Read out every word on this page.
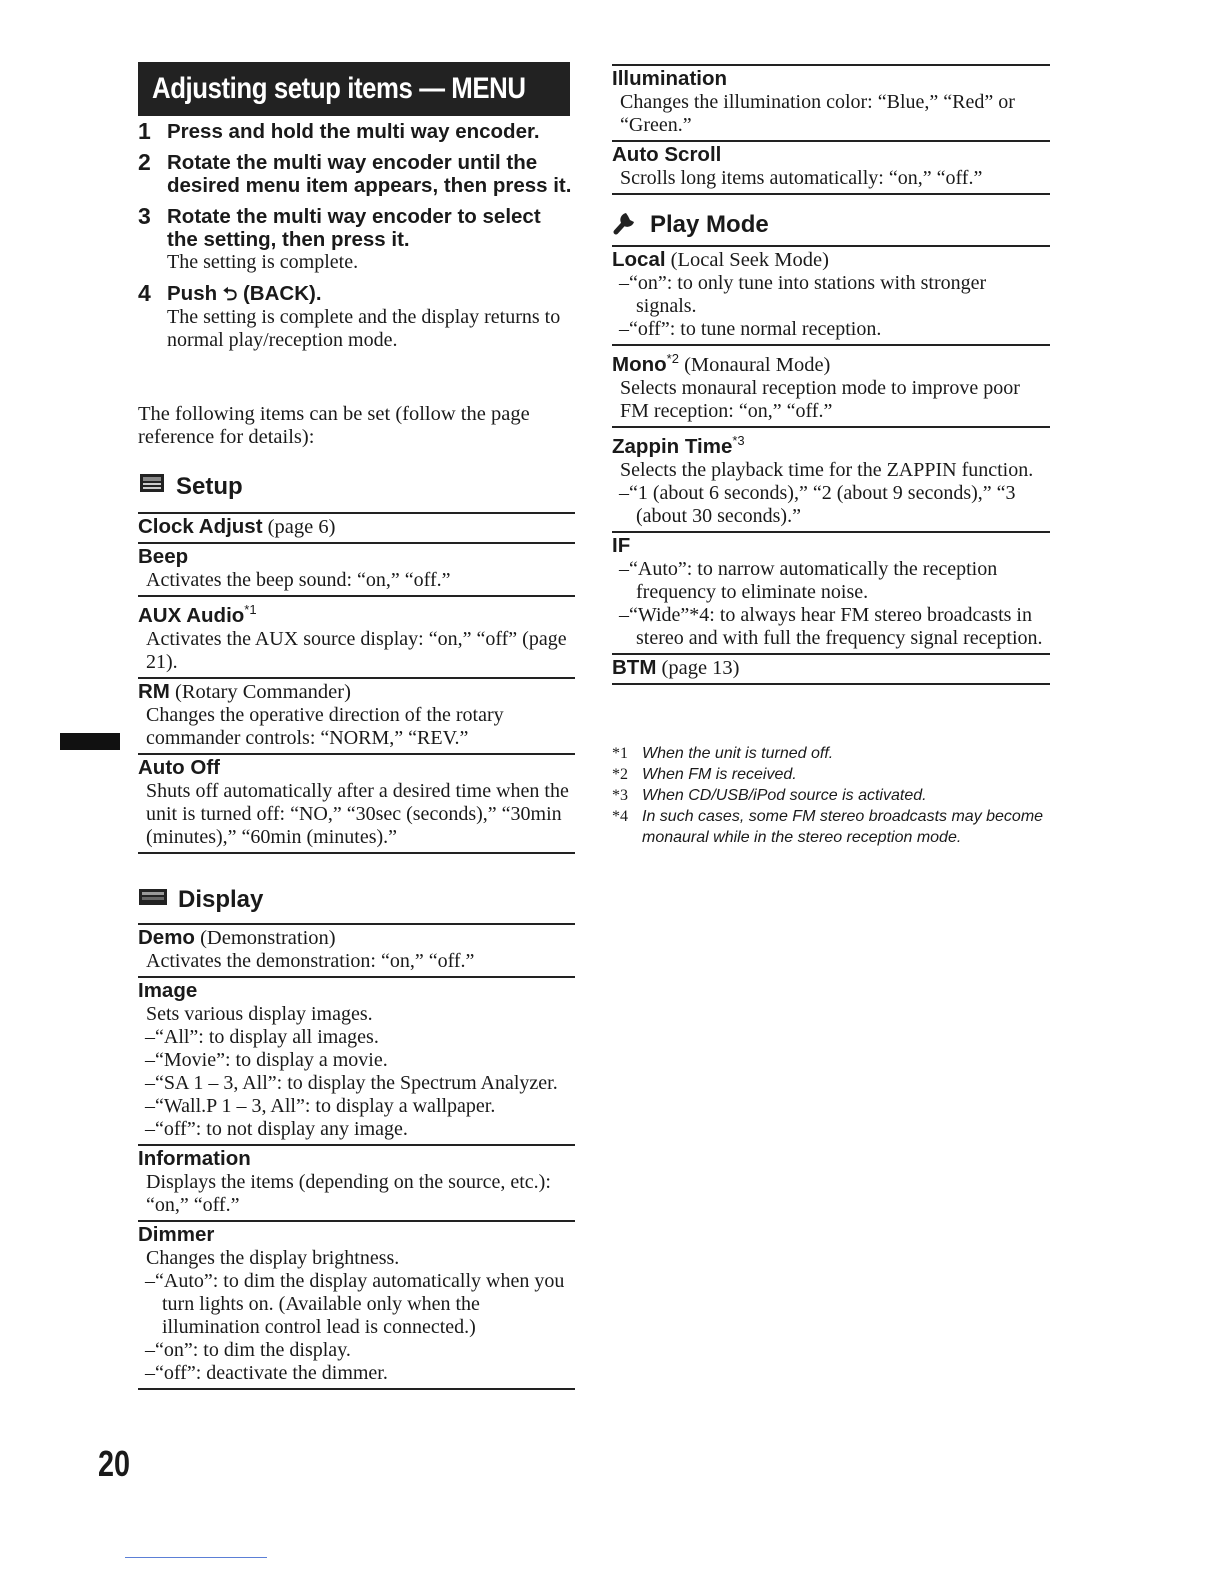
Adjusting setup items — MENU
1 Press and hold the multi way encoder.
2 Rotate the multi way encoder until the desired menu item appears, then press it.
3 Rotate the multi way encoder to select the setting, then press it.
The setting is complete.
4 Push ⮌ (BACK).
The setting is complete and the display returns to normal play/reception mode.
The following items can be set (follow the page reference for details):
Setup
Clock Adjust (page 6)
Beep
Activates the beep sound: “on,” “off.”
AUX Audio$^{*1}$
Activates the AUX source display: “on,” “off” (page 21).
RM (Rotary Commander)
Changes the operative direction of the rotary commander controls: “NORM,” “REV.”
Auto Off
Shuts off automatically after a desired time when the unit is turned off: “NO,” “30sec (seconds),” “30min (minutes),” “60min (minutes).”
Display
Demo (Demonstration)
Activates the demonstration: “on,” “off.”
Image
Sets various display images.
–“All”: to display all images.
–“Movie”: to display a movie.
–“SA 1 – 3, All”: to display the Spectrum Analyzer.
–“Wall.P 1 – 3, All”: to display a wallpaper.
–“off”: to not display any image.
Information
Displays the items (depending on the source, etc.): “on,” “off.”
Dimmer
Changes the display brightness.
–“Auto”: to dim the display automatically when you turn lights on. (Available only when the illumination control lead is connected.)
–“on”: to dim the display.
–“off”: deactivate the dimmer.
Illumination
Changes the illumination color: “Blue,” “Red” or “Green.”
Auto Scroll
Scrolls long items automatically: “on,” “off.”
Play Mode
Local (Local Seek Mode)
–“on”: to only tune into stations with stronger signals.
–“off”: to tune normal reception.
Mono$^{*2}$ (Monaural Mode)
Selects monaural reception mode to improve poor FM reception: “on,” “off.”
Zappin Time$^{*3}$
Selects the playback time for the ZAPPIN function.
–“1 (about 6 seconds),” “2 (about 9 seconds),” “3 (about 30 seconds).”
IF
–“Auto”: to narrow automatically the reception frequency to eliminate noise.
–“Wide”*4: to always hear FM stereo broadcasts in stereo and with full the frequency signal reception.
BTM (page 13)
*1 When the unit is turned off.
*2 When FM is received.
*3 When CD/USB/iPod source is activated.
*4 In such cases, some FM stereo broadcasts may become monaural while in the stereo reception mode.
20
